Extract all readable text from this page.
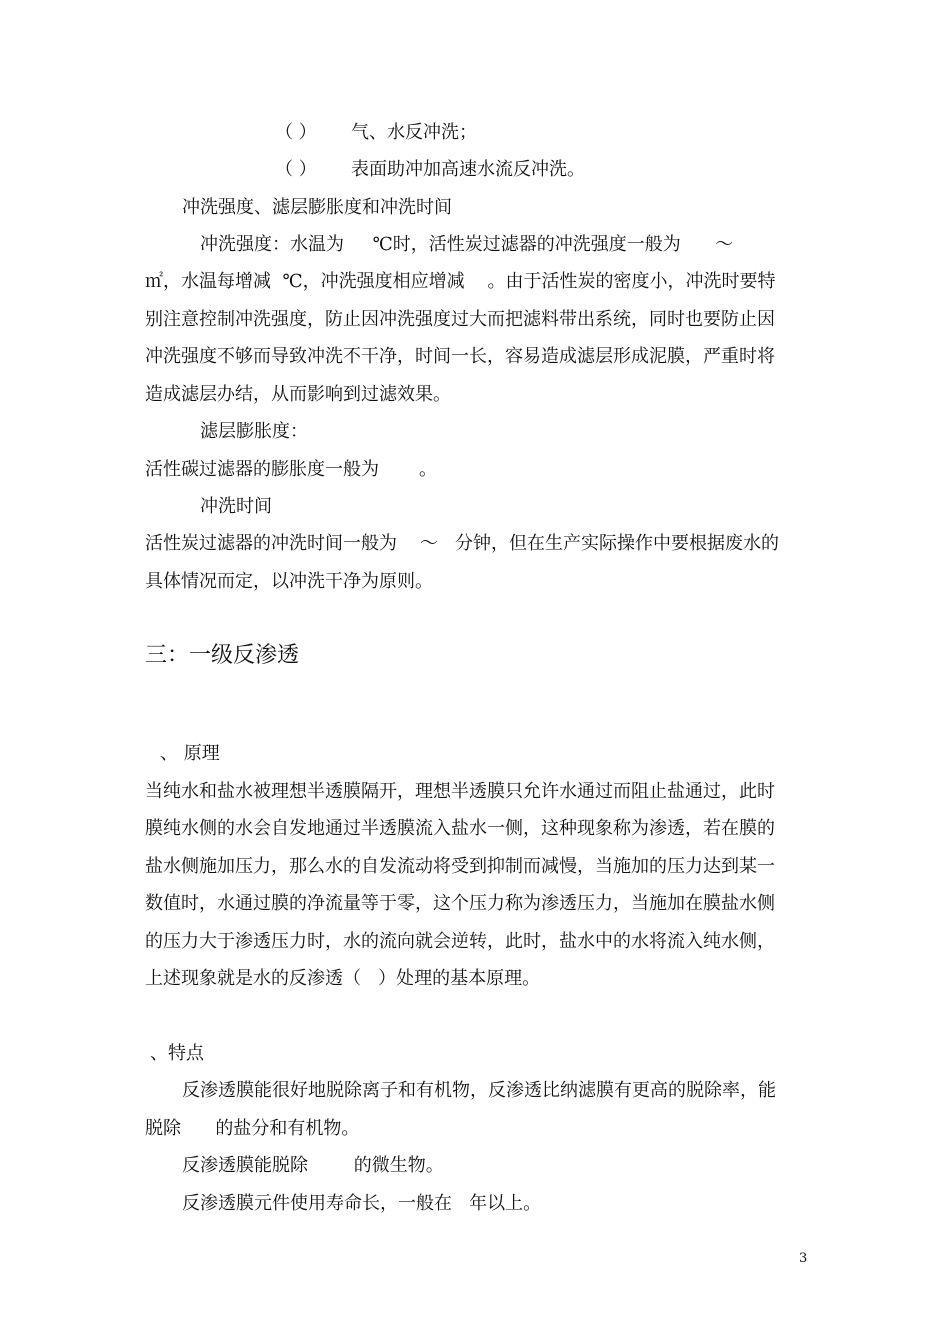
（ ）      气、水反冲洗；
（ ）      表面助冲加高速水流反冲洗。
冲洗强度、滤层膨胀度和冲洗时间
冲洗强度：水温为     ℃时，活性炭过滤器的冲洗强度一般为      ～
㎡，水温每增减  ℃，冲洗强度相应增减    。由于活性炭的密度小，冲洗时要特
别注意控制冲洗强度，防止因冲洗强度过大而把滤料带出系统，同时也要防止因
冲洗强度不够而导致冲洗不干净，时间一长，容易造成滤层形成泥膜，严重时将
造成滤层办结，从而影响到过滤效果。
滤层膨胀度：
活性碳过滤器的膨胀度一般为       。
冲洗时间
活性炭过滤器的冲洗时间一般为    ～   分钟，但在生产实际操作中要根据废水的
具体情况而定，以冲洗干净为原则。
三：一级反渗透
、 原理
当纯水和盐水被理想半透膜隔开，理想半透膜只允许水通过而阻止盐通过，此时
膜纯水侧的水会自发地通过半透膜流入盐水一侧，这种现象称为渗透，若在膜的
盐水侧施加压力，那么水的自发流动将受到抑制而减慢，当施加的压力达到某一
数值时，水通过膜的净流量等于零，这个压力称为渗透压力，当施加在膜盐水侧
的压力大于渗透压力时，水的流向就会逆转，此时，盐水中的水将流入纯水侧，
上述现象就是水的反渗透（   ）处理的基本原理。
、特点
反渗透膜能很好地脱除离子和有机物，反渗透比纳滤膜有更高的脱除率，能
脱除      的盐分和有机物。
反渗透膜能脱除        的微生物。
反渗透膜元件使用寿命长，一般在   年以上。
3
